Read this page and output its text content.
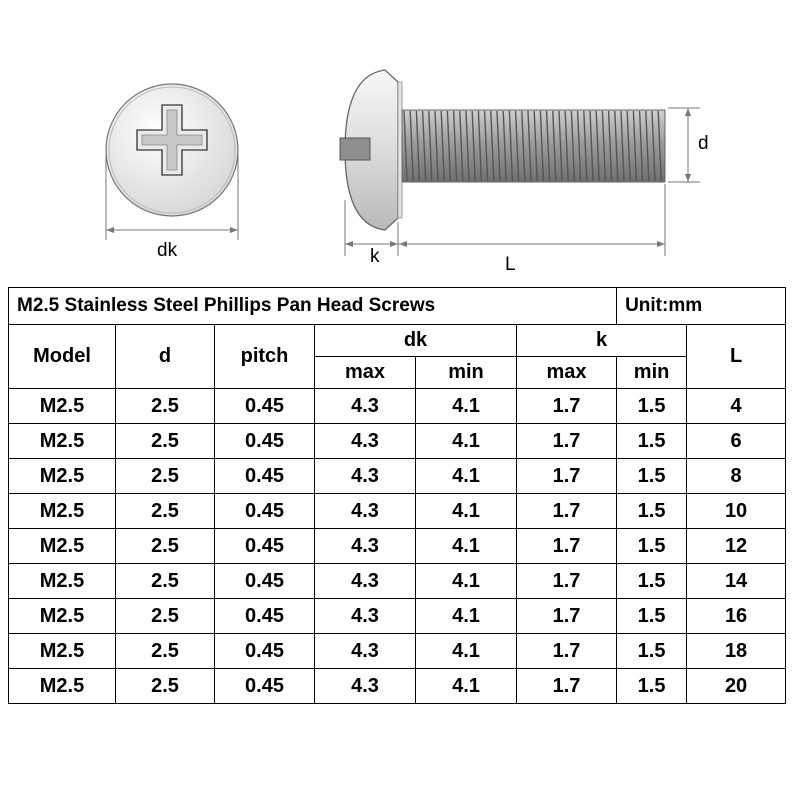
dk	k	L
d
M2.5 Stainless Steel Phillips Pan Head Screws						Unit:mm	
Model	d	pitch	dk		k		L
			max	min	max	min	
M2.5	2.5	0.45	4.3	4.1	1.7	1.5	4
M2.5	2.5	0.45	4.3	4.1	1.7	1.5	6
M2.5	2.5	0.45	4.3	4.1	1.7	1.5	8
M2.5	2.5	0.45	4.3	4.1	1.7	1.5	10
M2.5	2.5	0.45	4.3	4.1	1.7	1.5	12
M2.5	2.5	0.45	4.3	4.1	1.7	1.5	14
M2.5	2.5	0.45	4.3	4.1	1.7	1.5	16
M2.5	2.5	0.45	4.3	4.1	1.7	1.5	18
M2.5	2.5	0.45	4.3	4.1	1.7	1.5	20
